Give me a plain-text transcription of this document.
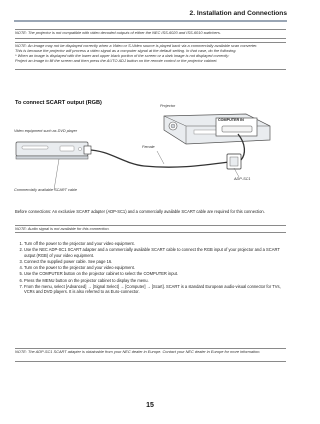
2. Installation and Connections
NOTE: The projector is not compatible with video decoded outputs of either the NEC ISS-6020 and ISS-6010 switchers.
NOTE: An image may not be displayed correctly when a Video or S-Video source is played back via a commercially available scan converter.
This is because the projector will process a video signal as a computer signal at the default setting. In that case, do the following.
* When an image is displayed with the lower and upper black portion of the screen or a dark image is not displayed correctly:
Project an image to fill the screen and then press the AUTO ADJ button on the remote control or the projector cabinet.
To connect SCART output (RGB)	Projector
COMPUTER IN
Video equipment such as DVD player
Female
ADP-SC1
Commercially available SCART cable
Before connections: An exclusive SCART adapter (ADP-SC1) and a commercially available SCART cable are required for this connection.
NOTE: Audio signal is not available for this connection.
1. Turn off the power to the projector and your video equipment.
2. Use the NEC ADP-SC1 SCART adapter and a commercially available SCART cable to connect the RGB input of your projector and a SCART output (RGB) of your video equipment.
3. Connect the supplied power cable. See page 16.
4. Turn on the power to the projector and your video equipment.
5. Use the COMPUTER button on the projector cabinet to select the COMPUTER input.
6. Press the MENU button on the projector cabinet to display the menu.
7. From the menu, select [Advanced] → [Signal Select] → [Computer] → [Scart]. SCART is a standard European audio-visual connector for TVs, VCRs and DVD players. It is also referred to as Euro-connector.
NOTE: The ADP-SC1 SCART adapter is obtainable from your NEC dealer in Europe. Contact your NEC dealer in Europe for more information.
15
